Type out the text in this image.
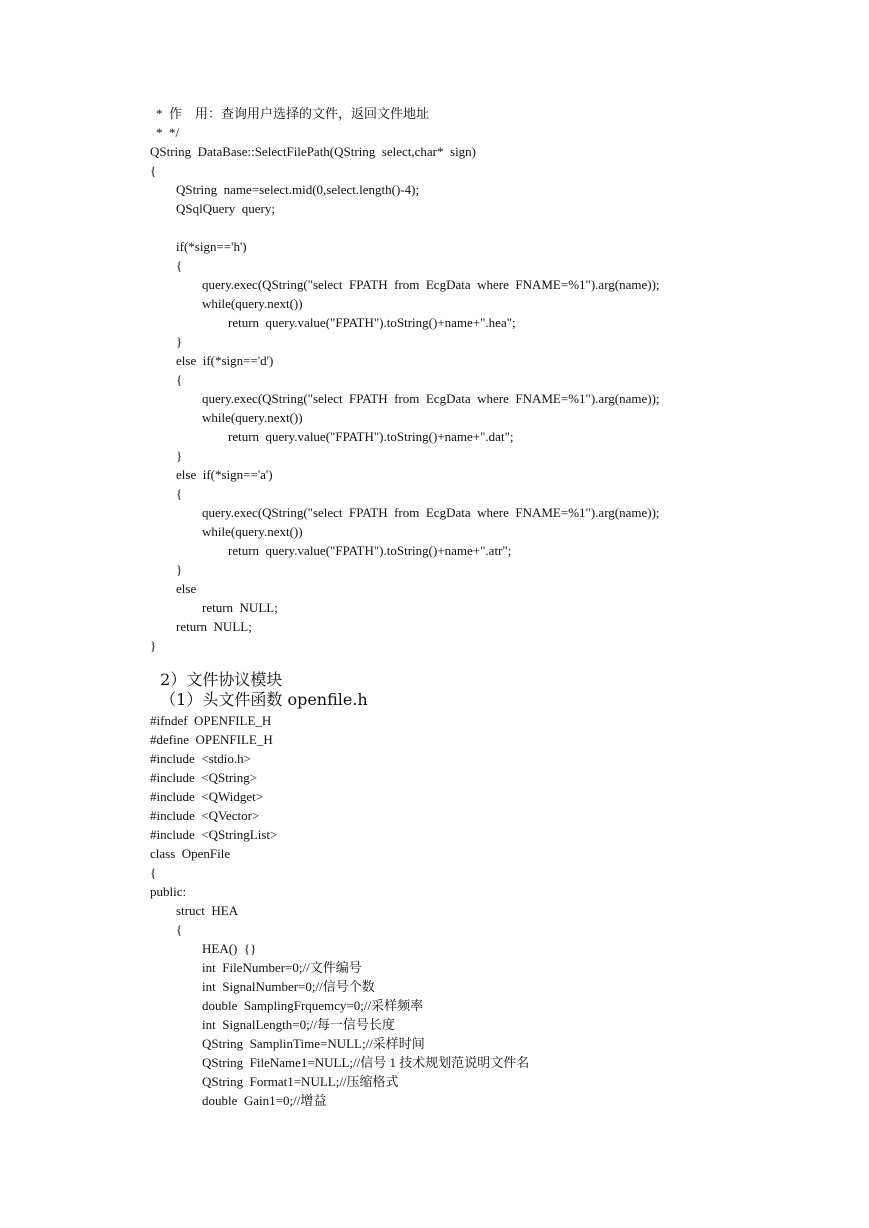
*  作    用：查询用户选择的文件，返回文件地址
*  */
QString  DataBase::SelectFilePath(QString  select,char*  sign)
{
QString  name=select.mid(0,select.length()-4);
QSqlQuery  query;
if(*sign=='h')
{
query.exec(QString("select  FPATH  from  EcgData  where  FNAME=%1").arg(name));
while(query.next())
return  query.value("FPATH").toString()+name+".hea";
}
else  if(*sign=='d')
{
query.exec(QString("select  FPATH  from  EcgData  where  FNAME=%1").arg(name));
while(query.next())
return  query.value("FPATH").toString()+name+".dat";
}
else  if(*sign=='a')
{
query.exec(QString("select  FPATH  from  EcgData  where  FNAME=%1").arg(name));
while(query.next())
return  query.value("FPATH").toString()+name+".atr";
}
else
return  NULL;
return  NULL;
}
2）文件协议模块
（1）头文件函数 openfile.h
#ifndef  OPENFILE_H
#define  OPENFILE_H
#include  <stdio.h>
#include  <QString>
#include  <QWidget>
#include  <QVector>
#include  <QStringList>
class  OpenFile
{
public:
struct  HEA
{
HEA()  {}
int  FileNumber=0;//文件编号
int  SignalNumber=0;//信号个数
double  SamplingFrquemcy=0;//采样频率
int  SignalLength=0;//每一信号长度
QString  SamplinTime=NULL;//采样时间
QString  FileName1=NULL;//信号 1 技术规划范说明文件名
QString  Format1=NULL;//压缩格式
double  Gain1=0;//增益
